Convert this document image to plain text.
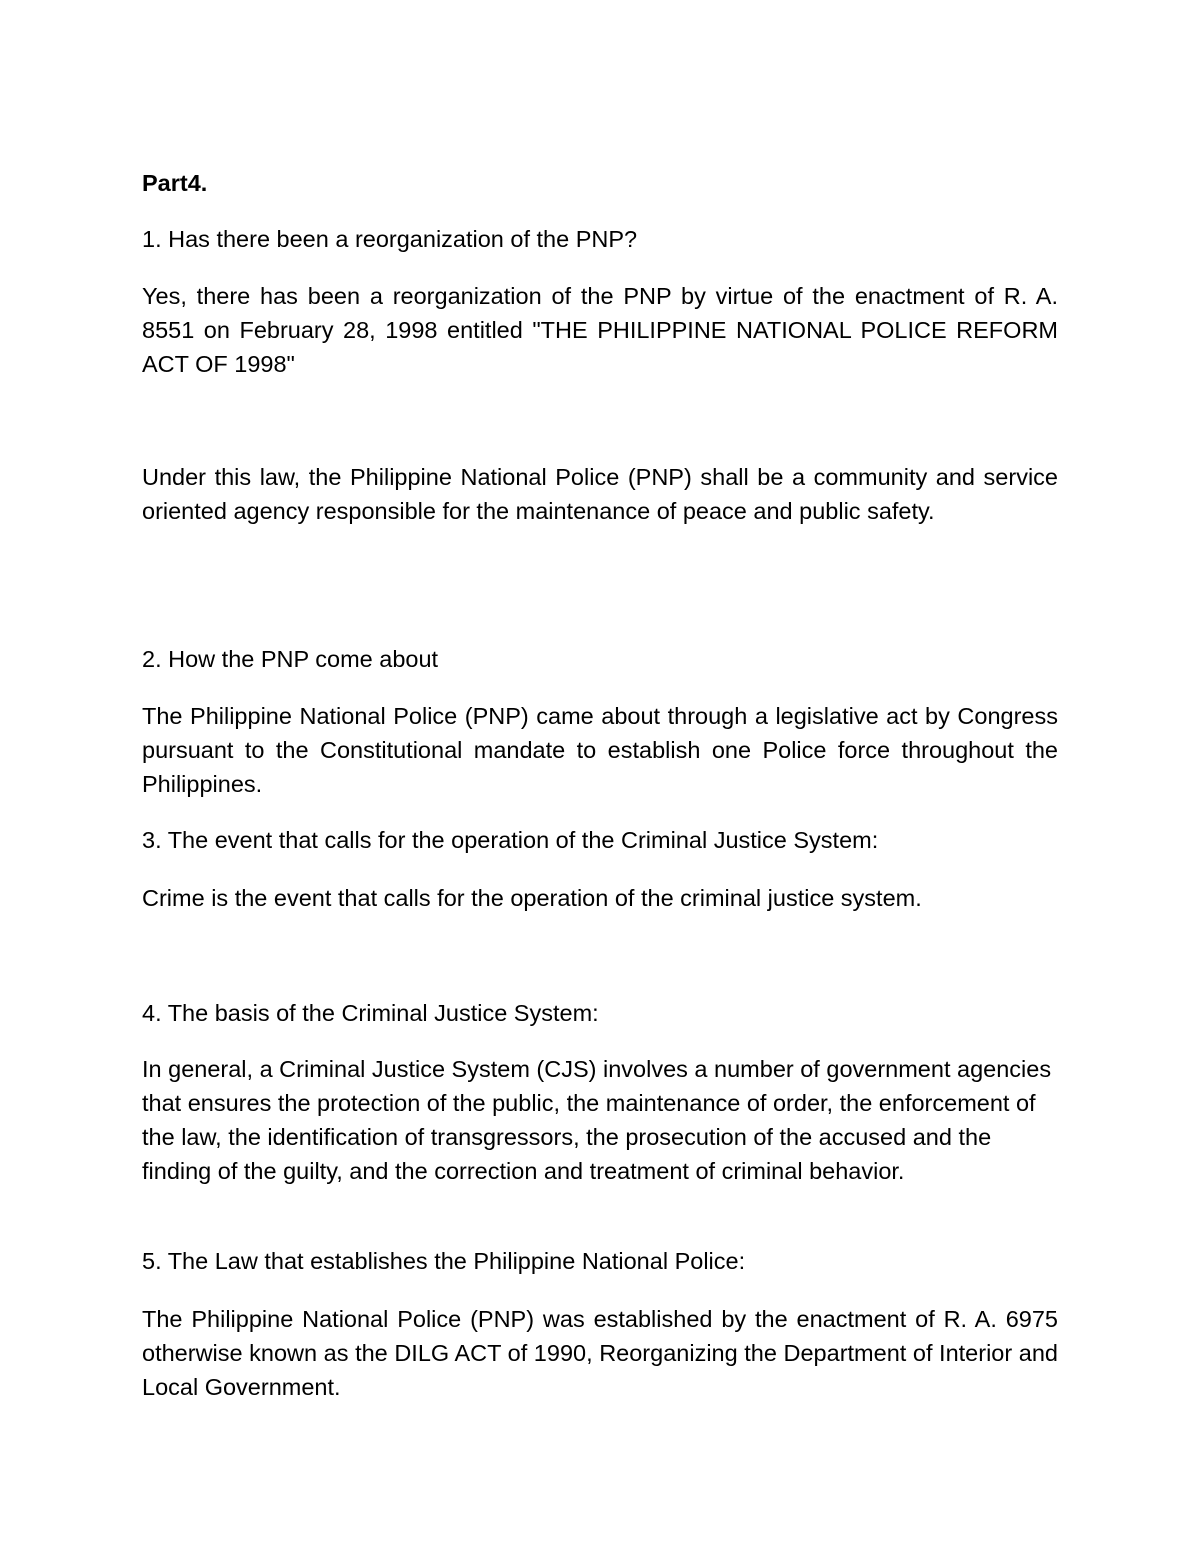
Part4.

1. Has there been a reorganization of the PNP?

Yes, there has been a reorganization of the PNP by virtue of the enactment of R. A. 8551 on February 28, 1998 entitled "THE PHILIPPINE NATIONAL POLICE REFORM ACT OF 1998"

Under this law, the Philippine National Police (PNP) shall be a community and service oriented agency responsible for the maintenance of peace and public safety.

2. How the PNP come about

The Philippine National Police (PNP) came about through a legislative act by Congress pursuant to the Constitutional mandate to establish one Police force throughout the Philippines.

3. The event that calls for the operation of the Criminal Justice System:

Crime is the event that calls for the operation of the criminal justice system.

4. The basis of the Criminal Justice System:

In general, a Criminal Justice System (CJS) involves a number of government agencies that ensures the protection of the public, the maintenance of order, the enforcement of the law, the identification of transgressors, the prosecution of the accused and the finding of the guilty, and the correction and treatment of criminal behavior.

5. The Law that establishes the Philippine National Police:

The Philippine National Police (PNP) was established by the enactment of R. A. 6975 otherwise known as the DILG ACT of 1990, Reorganizing the Department of Interior and Local Government.
